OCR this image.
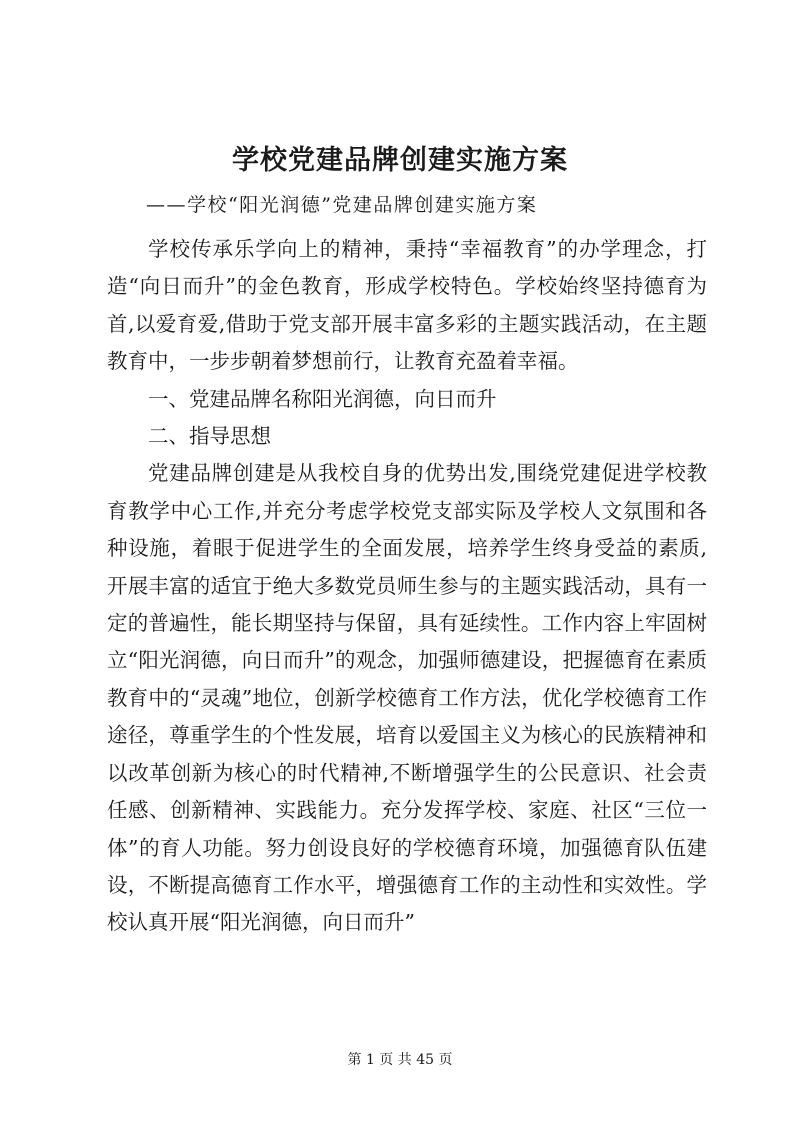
学校党建品牌创建实施方案

——学校“阳光润德”党建品牌创建实施方案

学校传承乐学向上的精神，秉持“幸福教育”的办学理念，打造“向日而升”的金色教育，形成学校特色。学校始终坚持德育为首,以爱育爱,借助于党支部开展丰富多彩的主题实践活动，在主题教育中，一步步朝着梦想前行，让教育充盈着幸福。

一、党建品牌名称阳光润德，向日而升

二、指导思想

党建品牌创建是从我校自身的优势出发,围绕党建促进学校教育教学中心工作,并充分考虑学校党支部实际及学校人文氛围和各种设施，着眼于促进学生的全面发展，培养学生终身受益的素质,开展丰富的适宜于绝大多数党员师生参与的主题实践活动，具有一定的普遍性，能长期坚持与保留，具有延续性。工作内容上牢固树立“阳光润德，向日而升”的观念，加强师德建设，把握德育在素质教育中的“灵魂”地位，创新学校德育工作方法，优化学校德育工作途径，尊重学生的个性发展，培育以爱国主义为核心的民族精神和以改革创新为核心的时代精神,不断增强学生的公民意识、社会责任感、创新精神、实践能力。充分发挥学校、家庭、社区“三位一体”的育人功能。努力创设良好的学校德育环境，加强德育队伍建设，不断提高德育工作水平，增强德育工作的主动性和实效性。学校认真开展“阳光润德，向日而升”

第 1 页 共 45 页
